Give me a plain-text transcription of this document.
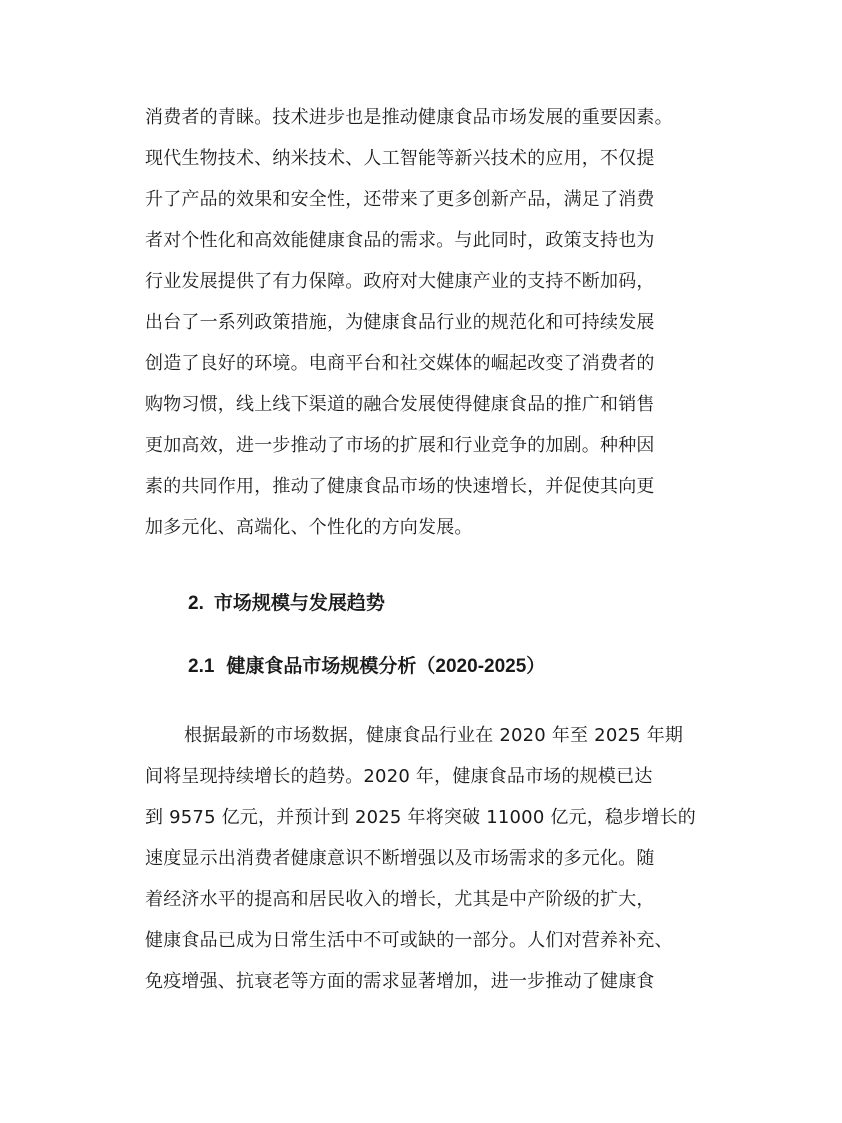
消费者的青睐。技术进步也是推动健康食品市场发展的重要因素。
现代生物技术、纳米技术、人工智能等新兴技术的应用，不仅提
升了产品的效果和安全性，还带来了更多创新产品，满足了消费
者对个性化和高效能健康食品的需求。与此同时，政策支持也为
行业发展提供了有力保障。政府对大健康产业的支持不断加码，
出台了一系列政策措施，为健康食品行业的规范化和可持续发展
创造了良好的环境。电商平台和社交媒体的崛起改变了消费者的
购物习惯，线上线下渠道的融合发展使得健康食品的推广和销售
更加高效，进一步推动了市场的扩展和行业竞争的加剧。种种因
素的共同作用，推动了健康食品市场的快速增长，并促使其向更
加多元化、高端化、个性化的方向发展。
2. 市场规模与发展趋势
2.1 健康食品市场规模分析（2020-2025）
根据最新的市场数据，健康食品行业在 2020 年至 2025 年期
间将呈现持续增长的趋势。2020 年，健康食品市场的规模已达
到 9575 亿元，并预计到 2025 年将突破 11000 亿元，稳步增长的
速度显示出消费者健康意识不断增强以及市场需求的多元化。随
着经济水平的提高和居民收入的增长，尤其是中产阶级的扩大，
健康食品已成为日常生活中不可或缺的一部分。人们对营养补充、
免疫增强、抗衰老等方面的需求显著增加，进一步推动了健康食
